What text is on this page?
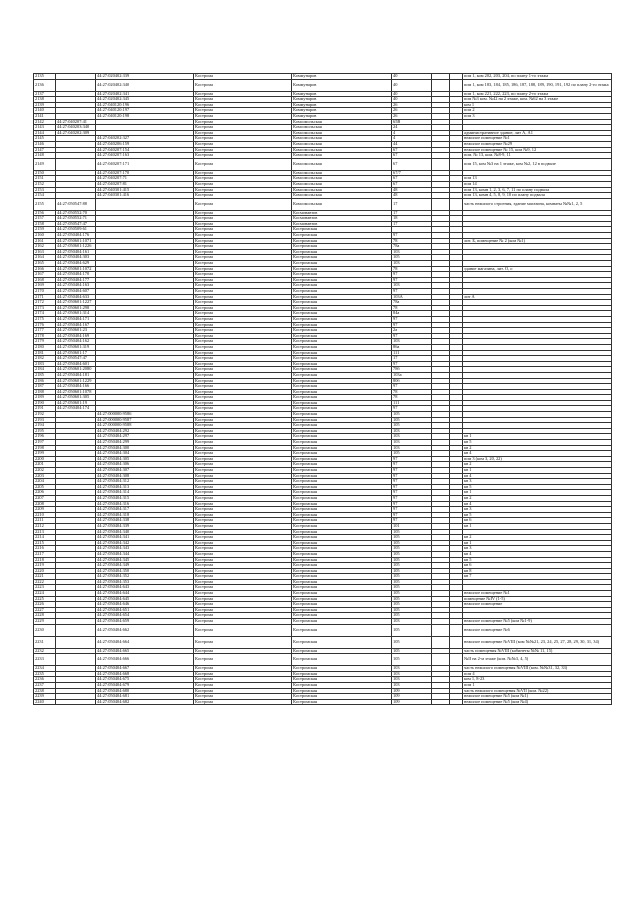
2135		44:27:020402:339	Кострома	Коммунаров	40			пом 1, ком 202, 203, 204, по плану 1-го этажа
2136		44:27:020402:340	Кострома	Коммунаров	40			пом 1, ком 183, 184, 185, 186, 187, 188, 189, 190, 191, 192 по плану 2-го этажа
2137		44:27:020402:341	Кострома	Коммунаров	40			пом 1, ком 221, 222, 223, по плану 2-го этажа
2138		44:27:020402:345	Кострома	Коммунаров	40			пом №3 ком. №42 на 2 этаже, ком. №62 на 3 этаже
2139		44:27:040120:196	Кострома	Коммунаров	26			ком 1
2140		44:27:040120:197	Кострома	Коммунаров	26			пом 2
2141		44:27:040120:198	Кострома	Коммунаров	26			пом 3
2142	44:27:040207:41		Кострома	Комсомольская	65В			
2143	44:27:040203:340		Кострома	Комсомольская	24			
2144	44:27:040202:309		Кострома	Комсомольская	4			административное здание, лит А, А1
2145		44:27:040202:327	Кострома	Комсомольская	4			нежилое помещение №1
2146		44:27:040206:159	Кострома	Комсомольская	44			нежилое помещение №29
2147		44:27:040207:154	Кострома	Комсомольская	67			нежилое помещение № 15, ком №9, 12
2148		44:27:040207:163	Кострома	Комсомольская	67			пом. № 13, ком. №8-9, 11
2149		44:27:040207:171	Кострома	Комсомольская	67			пом 15, ком №3 на 1 этаже, ком №2, 12 в подвале
2150		44:27:040207:170	Кострома	Комсомольская	67/7			
2151		44:27:040207:71	Кострома	Комсомольская	67			пом 13
2152		44:27:040207:81	Кострома	Комсомольская	67			пом 14
2153		44:27:040301:415	Кострома	Комсомольская	48			пом 13, комн 1, 2, 3, 6, 7, 11 по плану подвала
2154		44:27:040301:416	Кострома	Комсомольская	48			пом 13, комн 4, 5, 8, 9, 10 по плану подвала
2155	44:27:050547:88		Кострома	Комсомольская	17			часть нежилого строения, здание магазина, комнаты №№1, 2, 5
2156	44:27:050552:70		Кострома	Космонавтов	17			
2157	44:27:050552:71		Кострома	Космонавтов	18			
2158	44:27:050547:47		Кострома	Космонавтов	17			
2159	44:27:050509:61		Кострома	Костромская				
2160	44:27:050404:176		Кострома	Костромская	97			
2161	44:27:050601:1071		Кострома	Костромская	78			лит. Б, помещение № 2 (ком №1)
2162	44:27:050601:1226		Кострома	Костромская	78а			
2163	44:27:050404:161		Кострома	Костромская	103			
2164	44:27:050404:303		Кострома	Костромская	105			
2165	44:27:050404:629		Кострома	Костромская	103			
2166	44:27:050601:1072		Кострома	Костромская	78			здание магазина, лит. О, о
2167	44:27:050404:170		Кострома	Костромская	97			
2168	44:27:050404:177		Кострома	Костромская	97			
2169	44:27:050404:163		Кострома	Костромская	103			
2170	44:27:050404:607		Кострома	Костромская	97			
2171	44:27:050404:633		Кострома	Костромская	103А			лит А
2172	44:27:050601:1227		Кострома	Костромская	78а			
2173	44:27:050601:298		Кострома	Костромская	78			
2174	44:27:050601:314		Кострома	Костромская	84а			
2175	44:27:050404:171		Кострома	Костромская	97			
2176	44:27:050404:167		Кострома	Костромская	97			
2177	44:27:050601:23		Кострома	Костромская	2а			
2178	44:27:050404:169		Кострома	Костромская	97			
2179	44:27:050404:162		Кострома	Костромская	103			
2180	44:27:050601:319		Кострома	Костромская	86а			
2181	44:27:050601:17		Кострома	Костромская	111			
2182	44:27:050547:47		Кострома	Костромская	17			
2183	44:27:050404:601		Кострома	Костромская	97			
2184	44:27:050601:2080		Кострома	Костромская	78б			
2185	44:27:050404:181		Кострома	Костромская	103а			
2186	44:27:050601:1229		Кострома	Костромская	80б			
2187	44:27:050404:166		Кострома	Костромская	97			
2188	44:27:050601:1078		Кострома	Костромская	78			
2189	44:27:050601:305		Кострома	Костромская	78			
2190	44:27:050601:19		Кострома	Костромская	111			
2191	44:27:050404:174		Кострома	Костромская	97			
2192		44:27:000000:9586	Кострома	Костромская	105			
2193		44:27:000000:9587	Кострома	Костромская	105			
2194		44:27:000000:9588	Кострома	Костромская	105			
2195		44:27:050404:292	Кострома	Костромская	103			
2196		44:27:050404:297	Кострома	Костромская	103			кв 1
2197		44:27:050404:299	Кострома	Костромская	103			кв 5
2198		44:27:050404:300	Кострома	Костромская	103			кв 2
2199		44:27:050404:304	Кострома	Костромская	105			кв 4
2200		44:27:050404:305	Кострома	Костромская	97			пом 3 (ком 3, 20, 22)
2201		44:27:050404:306	Кострома	Костромская	97			кв 2
2202		44:27:050404:307	Кострома	Костромская	97			кв 1
2203		44:27:050404:308	Кострома	Костромская	97			кв 4
2204		44:27:050404:312	Кострома	Костромская	97			кв 3
2205		44:27:050404:313	Кострома	Костромская	97			кв 5
2206		44:27:050404:314	Кострома	Костромская	97			кв 1
2207		44:27:050404:315	Кострома	Костромская	97			кв 2
2208		44:27:050404:316	Кострома	Костромская	97			кв 4
2209		44:27:050404:317	Кострома	Костромская	97			кв 3
2210		44:27:050404:318	Кострома	Костромская	97			кв 5
2211		44:27:050404:338	Кострома	Костромская	97			кв 6
2212		44:27:050404:339	Кострома	Костромская	101			кв 1
2213		44:27:050404:340	Кострома	Костромская	105			
2214		44:27:050404:341	Кострома	Костромская	105			кв 2
2215		44:27:050404:342	Кострома	Костромская	105			кв 1
2216		44:27:050404:343	Кострома	Костромская	105			кв 3
2217		44:27:050404:344	Кострома	Костромская	105			кв 4
2218		44:27:050404:345	Кострома	Костромская	105			кв 5
2219		44:27:050404:349	Кострома	Костромская	105			кв 6
2220		44:27:050404:350	Кострома	Костромская	105			кв 8
2221		44:27:050404:352	Кострома	Костромская	105			кв 7
2222		44:27:050404:353	Кострома	Костромская	105			
2223		44:27:050404:643	Кострома	Костромская	105			
2224		44:27:050404:644	Кострома	Костромская	105			нежилое помещение №1
2225		44:27:050404:645	Кострома	Костромская	105			помещение №IV (1-5)
2226		44:27:050404:646	Кострома	Костромская	105			нежилое помещение
2227		44:27:050404:651	Кострома	Костромская	105			
2228		44:27:050404:654	Кострома	Костромская	105			
2229		44:27:050404:659	Кострома	Костромская	103			нежилое помещение №5 (ком №1-9)
2230		44:27:050404:662	Кострома	Костромская	105			нежилое помещение №6
2231		44:27:050404:664	Кострома	Костромская	105			нежилое помещение №VIII (ком №№21, 23, 24, 25, 27, 28, 29, 30, 31, 34)
2232		44:27:050404:665	Кострома	Костромская	105			часть помещения №VIII (кабинеты №№ 11, 15)
2233		44:27:050404:666	Кострома	Костромская	105			№II на 2-м этаже (ком. №№3, 4, 5)
2234		44:27:050404:667	Кострома	Костромская	103			часть нежилого помещения №VIII (ком. №№31, 32, 33)
2235		44:27:050404:668	Кострома	Костромская	103			пом 4
2236		44:27:050404:675	Кострома	Костромская	103			ком 1, 8-23
2237		44:27:050404:679	Кострома	Костромская	103			пом 1
2238		44:27:050404:680	Кострома	Костромская	109			часть нежилого помещения №VII (ком. №22)
2239		44:27:050404:681	Кострома	Костромская	109			нежилое помещение №5 (ком №1)
2240		44:27:050404:682	Кострома	Костромская	109			нежилое помещение №5 (ком №4)
